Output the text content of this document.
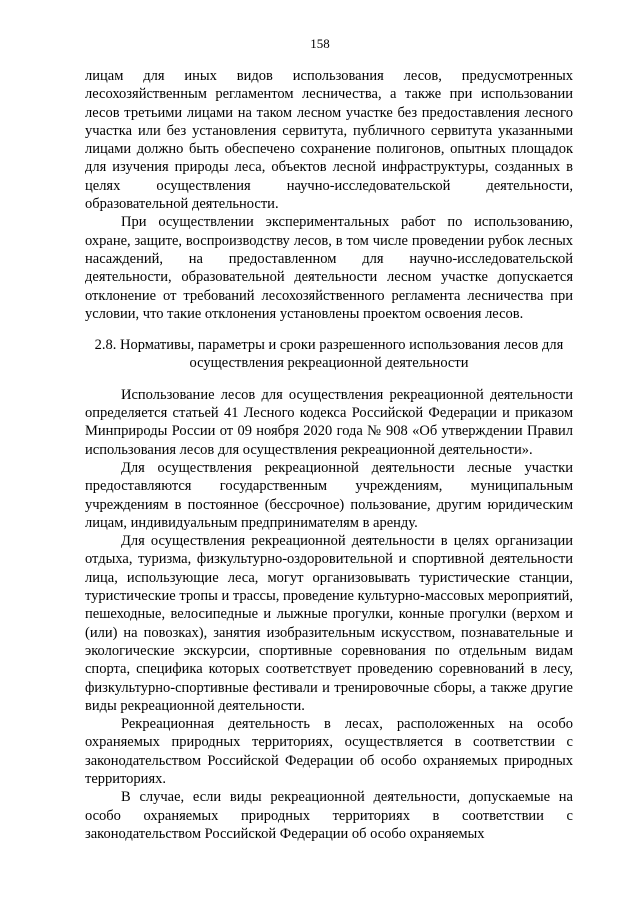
158

лицам для иных видов использования лесов, предусмотренных лесохозяйственным регламентом лесничества, а также при использовании лесов третьими лицами на таком лесном участке без предоставления лесного участка или без установления сервитута, публичного сервитута указанными лицами должно быть обеспечено сохранение полигонов, опытных площадок для изучения природы леса, объектов лесной инфраструктуры, созданных в целях осуществления научно-исследовательской деятельности, образовательной деятельности.

При осуществлении экспериментальных работ по использованию, охране, защите, воспроизводству лесов, в том числе проведении рубок лесных насаждений, на предоставленном для научно-исследовательской деятельности, образовательной деятельности лесном участке допускается отклонение от требований лесохозяйственного регламента лесничества при условии, что такие отклонения установлены проектом освоения лесов.

2.8. Нормативы, параметры и сроки разрешенного использования лесов для осуществления рекреационной деятельности

Использование лесов для осуществления рекреационной деятельности определяется статьей 41 Лесного кодекса Российской Федерации и приказом Минприроды России от 09 ноября 2020 года № 908 «Об утверждении Правил использования лесов для осуществления рекреационной деятельности».

Для осуществления рекреационной деятельности лесные участки предоставляются государственным учреждениям, муниципальным учреждениям в постоянное (бессрочное) пользование, другим юридическим лицам, индивидуальным предпринимателям в аренду.

Для осуществления рекреационной деятельности в целях организации отдыха, туризма, физкультурно-оздоровительной и спортивной деятельности лица, использующие леса, могут организовывать туристические станции, туристические тропы и трассы, проведение культурно-массовых мероприятий, пешеходные, велосипедные и лыжные прогулки, конные прогулки (верхом и (или) на повозках), занятия изобразительным искусством, познавательные и экологические экскурсии, спортивные соревнования по отдельным видам спорта, специфика которых соответствует проведению соревнований в лесу, физкультурно-спортивные фестивали и тренировочные сборы, а также другие виды рекреационной деятельности.

Рекреационная деятельность в лесах, расположенных на особо охраняемых природных территориях, осуществляется в соответствии с законодательством Российской Федерации об особо охраняемых природных территориях.

В случае, если виды рекреационной деятельности, допускаемые на особо охраняемых природных территориях в соответствии с законодательством Российской Федерации об особо охраняемых
